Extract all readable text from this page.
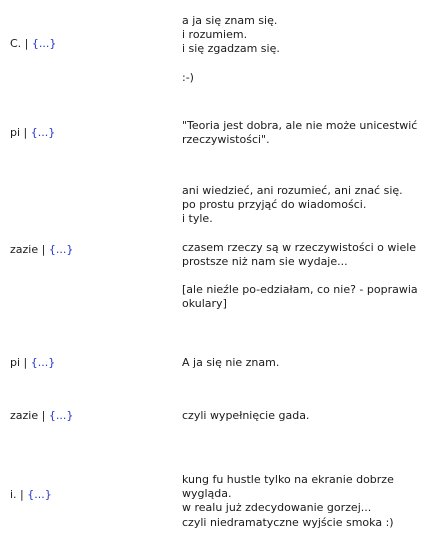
C. | {...}

a ja się znam się.

i rozumiem.

i się zgadzam się.

:-)

pi | {...}

"Teoria jest dobra, ale nie może unicestwić rzeczywistości".

zazie | {...}

ani wiedzieć, ani rozumieć, ani znać się.

po prostu przyjąć do wiadomości.

i tyle.

czasem rzeczy są w rzeczywistości o wiele prostsze niż nam sie wydaje...

[ale nieźle po-edziałam, co nie? - poprawia okulary]

pi | {...}	A ja się nie znam.

zazie | {...}	czyli wypełnięcie gada.

i. | {...}

kung fu hustle tylko na ekranie dobrze wygląda.

w realu już zdecydowanie gorzej...

czyli niedramatyczne wyjście smoka :)
